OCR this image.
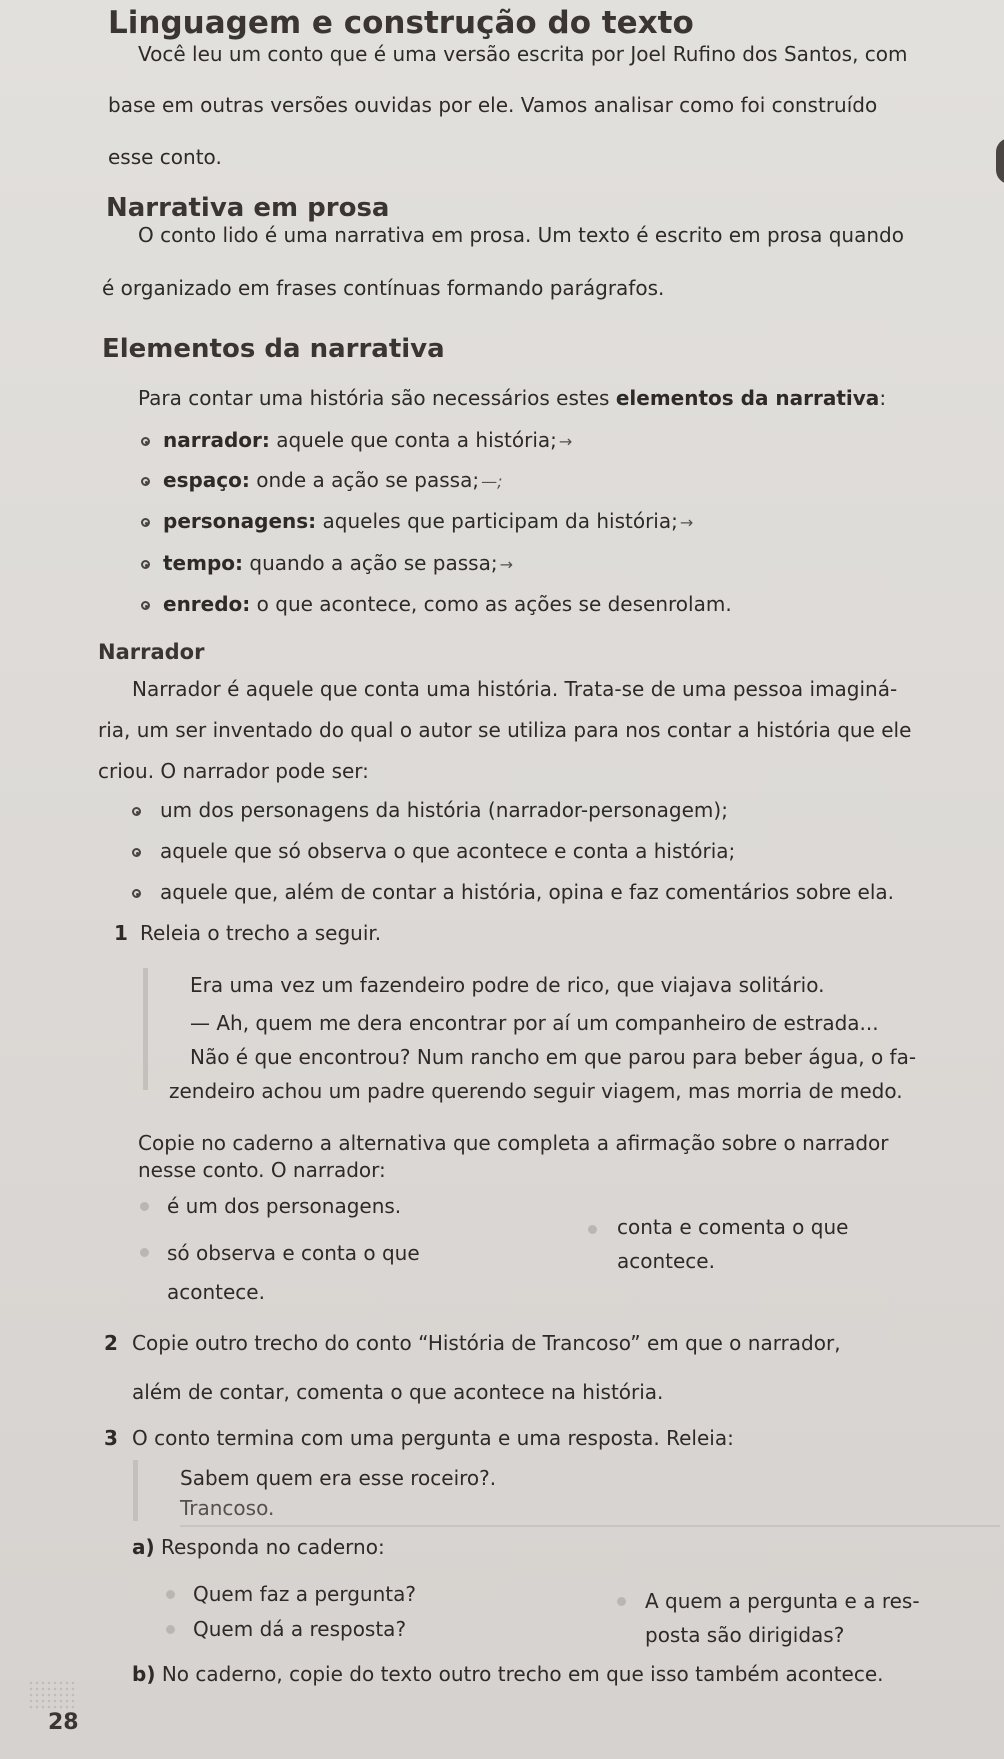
Linguagem e construção do texto
Você leu um conto que é uma versão escrita por Joel Rufino dos Santos, com
base em outras versões ouvidas por ele. Vamos analisar como foi construído
esse conto.
Narrativa em prosa
O conto lido é uma narrativa em prosa. Um texto é escrito em prosa quando
é organizado em frases contínuas formando parágrafos.
Elementos da narrativa
Para contar uma história são necessários estes elementos da narrativa:
narrador: aquele que conta a história; →
espaço: onde a ação se passa; —;
personagens: aqueles que participam da história; →
tempo: quando a ação se passa; →
enredo: o que acontece, como as ações se desenrolam.
Narrador
Narrador é aquele que conta uma história. Trata-se de uma pessoa imaginá-
ria, um ser inventado do qual o autor se utiliza para nos contar a história que ele
criou. O narrador pode ser:
um dos personagens da história (narrador-personagem);
aquele que só observa o que acontece e conta a história;
aquele que, além de contar a história, opina e faz comentários sobre ela.
1 Releia o trecho a seguir.
Era uma vez um fazendeiro podre de rico, que viajava solitário.
— Ah, quem me dera encontrar por aí um companheiro de estrada...
Não é que encontrou? Num rancho em que parou para beber água, o fa-
zendeiro achou um padre querendo seguir viagem, mas morria de medo.
Copie no caderno a alternativa que completa a afirmação sobre o narrador
nesse conto. O narrador:
é um dos personagens.
só observa e conta o que
acontece.
conta e comenta o que
acontece.
2 Copie outro trecho do conto “História de Trancoso” em que o narrador,
além de contar, comenta o que acontece na história.
3 O conto termina com uma pergunta e uma resposta. Releia:
Sabem quem era esse roceiro?.
Trancoso.
a) Responda no caderno:
Quem faz a pergunta?
Quem dá a resposta?
A quem a pergunta e a res-
posta são dirigidas?
b) No caderno, copie do texto outro trecho em que isso também acontece.
28
